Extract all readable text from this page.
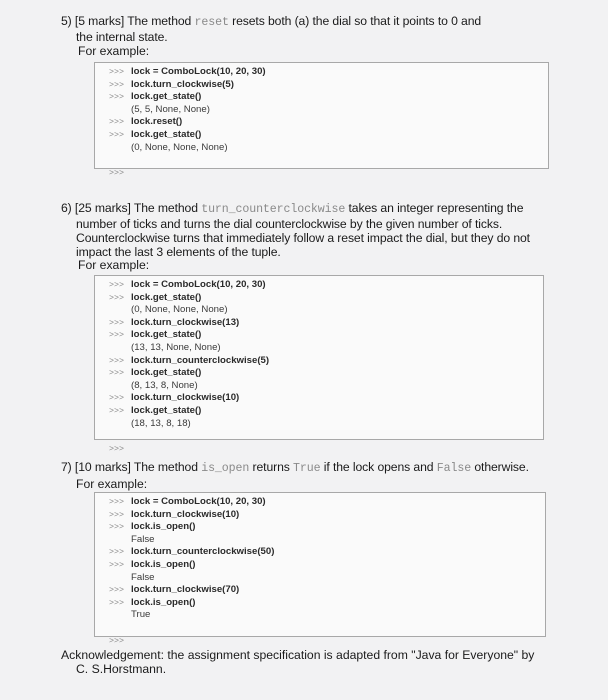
5) [5 marks] The method reset resets both (a) the dial so that it points to 0 and
the internal state.
For example:
>>> lock = ComboLock(10, 20, 30)
>>> lock.turn_clockwise(5)
>>> lock.get_state()
(5, 5, None, None)
>>> lock.reset()
>>> lock.get_state()
(0, None, None, None)
>>>
6) [25 marks] The method turn_counterclockwise takes an integer representing the
number of ticks and turns the dial counterclockwise by the given number of ticks.
Counterclockwise turns that immediately follow a reset impact the dial, but they do not
impact the last 3 elements of the tuple.
For example:
>>> lock = ComboLock(10, 20, 30)
>>> lock.get_state()
(0, None, None, None)
>>> lock.turn_clockwise(13)
>>> lock.get_state()
(13, 13, None, None)
>>> lock.turn_counterclockwise(5)
>>> lock.get_state()
(8, 13, 8, None)
>>> lock.turn_clockwise(10)
>>> lock.get_state()
(18, 13, 8, 18)
>>>
7) [10 marks] The method is_open returns True if the lock opens and False otherwise.
For example:
>>> lock = ComboLock(10, 20, 30)
>>> lock.turn_clockwise(10)
>>> lock.is_open()
False
>>> lock.turn_counterclockwise(50)
>>> lock.is_open()
False
>>> lock.turn_clockwise(70)
>>> lock.is_open()
True
>>>
Acknowledgement: the assignment specification is adapted from "Java for Everyone" by
C. S.Horstmann.
